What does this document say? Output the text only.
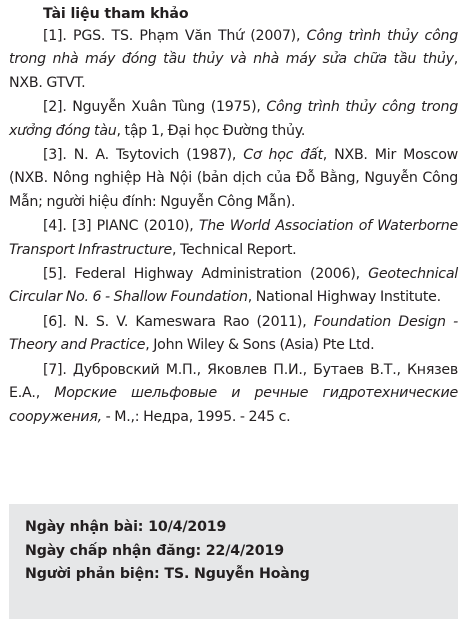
Tài liệu tham khảo

[1]. PGS. TS. Phạm Văn Thứ (2007), Công trình thủy công trong nhà máy đóng tầu thủy và nhà máy sửa chữa tầu thủy, NXB. GTVT.

[2]. Nguyễn Xuân Tùng (1975), Công trình thủy công trong xưởng đóng tàu, tập 1, Đại học Đường thủy.

[3]. N. A. Tsytovich (1987), Cơ học đất, NXB. Mir Moscow (NXB. Nông nghiệp Hà Nội (bản dịch của Đỗ Bằng, Nguyễn Công Mẫn; người hiệu đính: Nguyễn Công Mẫn).

[4]. [3] PIANC (2010), The World Association of Waterborne Transport Infrastructure, Technical Report.

[5]. Federal Highway Administration (2006), Geotechnical Circular No. 6 - Shallow Foundation, National Highway Institute.

[6]. N. S. V. Kameswara Rao (2011), Foundation Design - Theory and Practice, John Wiley & Sons (Asia) Pte Ltd.

[7]. Дубровский М.П., Яковлев П.И., Бутаев В.Т., Князев Е.А., Морские шельфовые и речные гидротехнические сооружения, - М.,: Недра, 1995. - 245 с.

Ngày nhận bài: 10/4/2019
Ngày chấp nhận đăng: 22/4/2019
Người phản biện: TS. Nguyễn Hoàng
